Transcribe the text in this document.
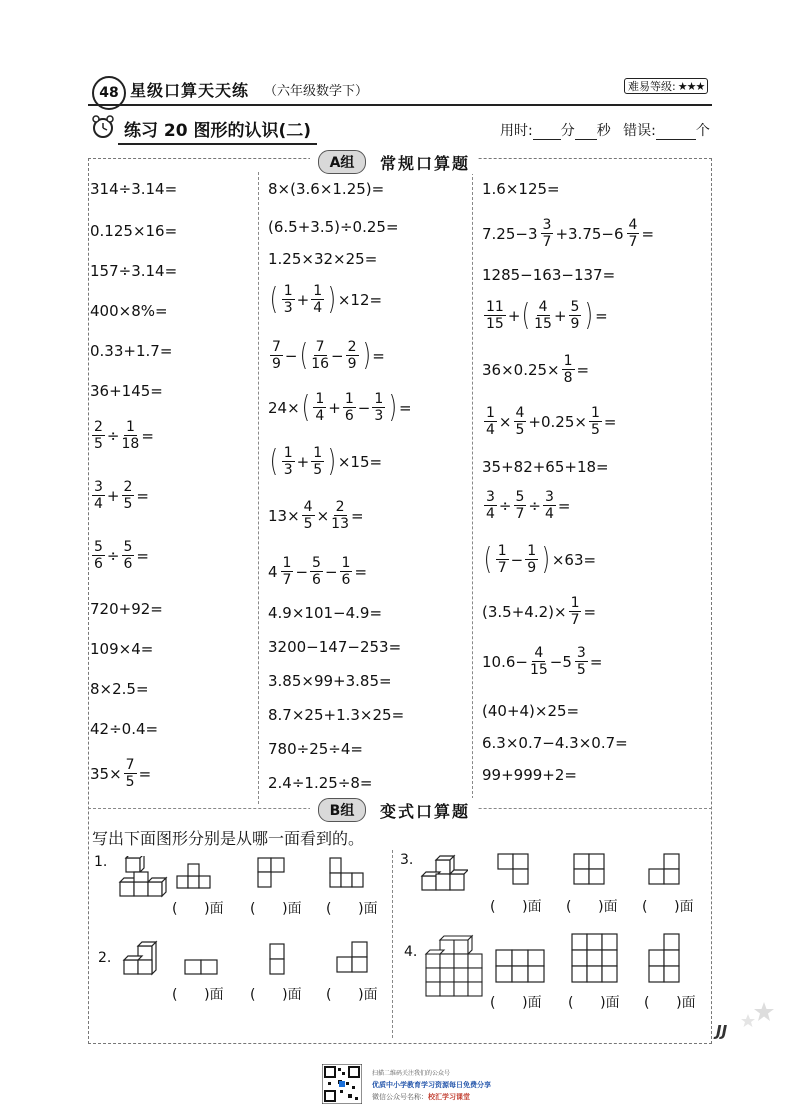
48 星级口算天天练 （六年级数学下）	难易等级: ★★★
练习 20 图形的认识(二)	用时: 分 秒 错误:	个
A组	常规口算题
314÷3.14=
0.125×16=
157÷3.14=
400×8%=
0.33+1.7=
36+145=
$\frac{2}{5} \div \frac{1}{18}$ =
$\frac{3}{4} + \frac{2}{5}$ =
$\frac{5}{6} \div \frac{5}{6}$ =
720+92=
109×4=
8×2.5=
42÷0.4=
$35\times \frac{7}{5}$ =
8×(3.6×1.25)=
(6.5+3.5)÷0.25=
1.25×32×25=
( $\frac{1}{3} + \frac{1}{4}$ ) ×12=
$\frac{7}{9}$ − ( $\frac{7}{16} - \frac{2}{9}$ ) =
24× ( $\frac{1}{4} + \frac{1}{6} - \frac{1}{3}$ ) =
( $\frac{1}{3} + \frac{1}{5}$ ) ×15=
$13\times \frac{4}{5} \times \frac{2}{13}$ =
$4 \frac{1}{7} - \frac{5}{6} - \frac{1}{6}$ =
4.9×101−4.9=
3200−147−253=
3.85×99+3.85=
8.7×25+1.3×25=
780÷25÷4=
2.4÷1.25÷8=
1.6×125=
$7.25-3 \frac{3}{7} +3.75-6 \frac{4}{7}$ =
1285−163−137=
$\frac{11}{15}$ + ( $\frac{4}{15} + \frac{5}{9}$ ) =
$36\times 0.25\times \frac{1}{8}$ =
$\frac{1}{4} \times \frac{4}{5} +0.25\times \frac{1}{5}$ =
35+82+65+18=
$\frac{3}{4} \div \frac{5}{7} \div \frac{3}{4}$ =
( $\frac{1}{7} - \frac{1}{9}$ ) ×63=
$(3.5+4.2)\times \frac{1}{7}$ =
$10.6- \frac{4}{15} -5 \frac{3}{5}$ =
(40+4)×25=
6.3×0.7−4.3×0.7=
99+999+2=
B组	变式口算题
写出下面图形分别是从哪一面看到的。
1.
(      )面 (      )面 (      )面
2.
(      )面 (      )面 (      )面
3.
(      )面 (      )面 (      )面
4.
(      )面 (      )面 (      )面
扫描二维码关注我们的公众号
优质中小学教育学习资源每日免费分享
微信公众号名称：校汇学习课堂
JJ
